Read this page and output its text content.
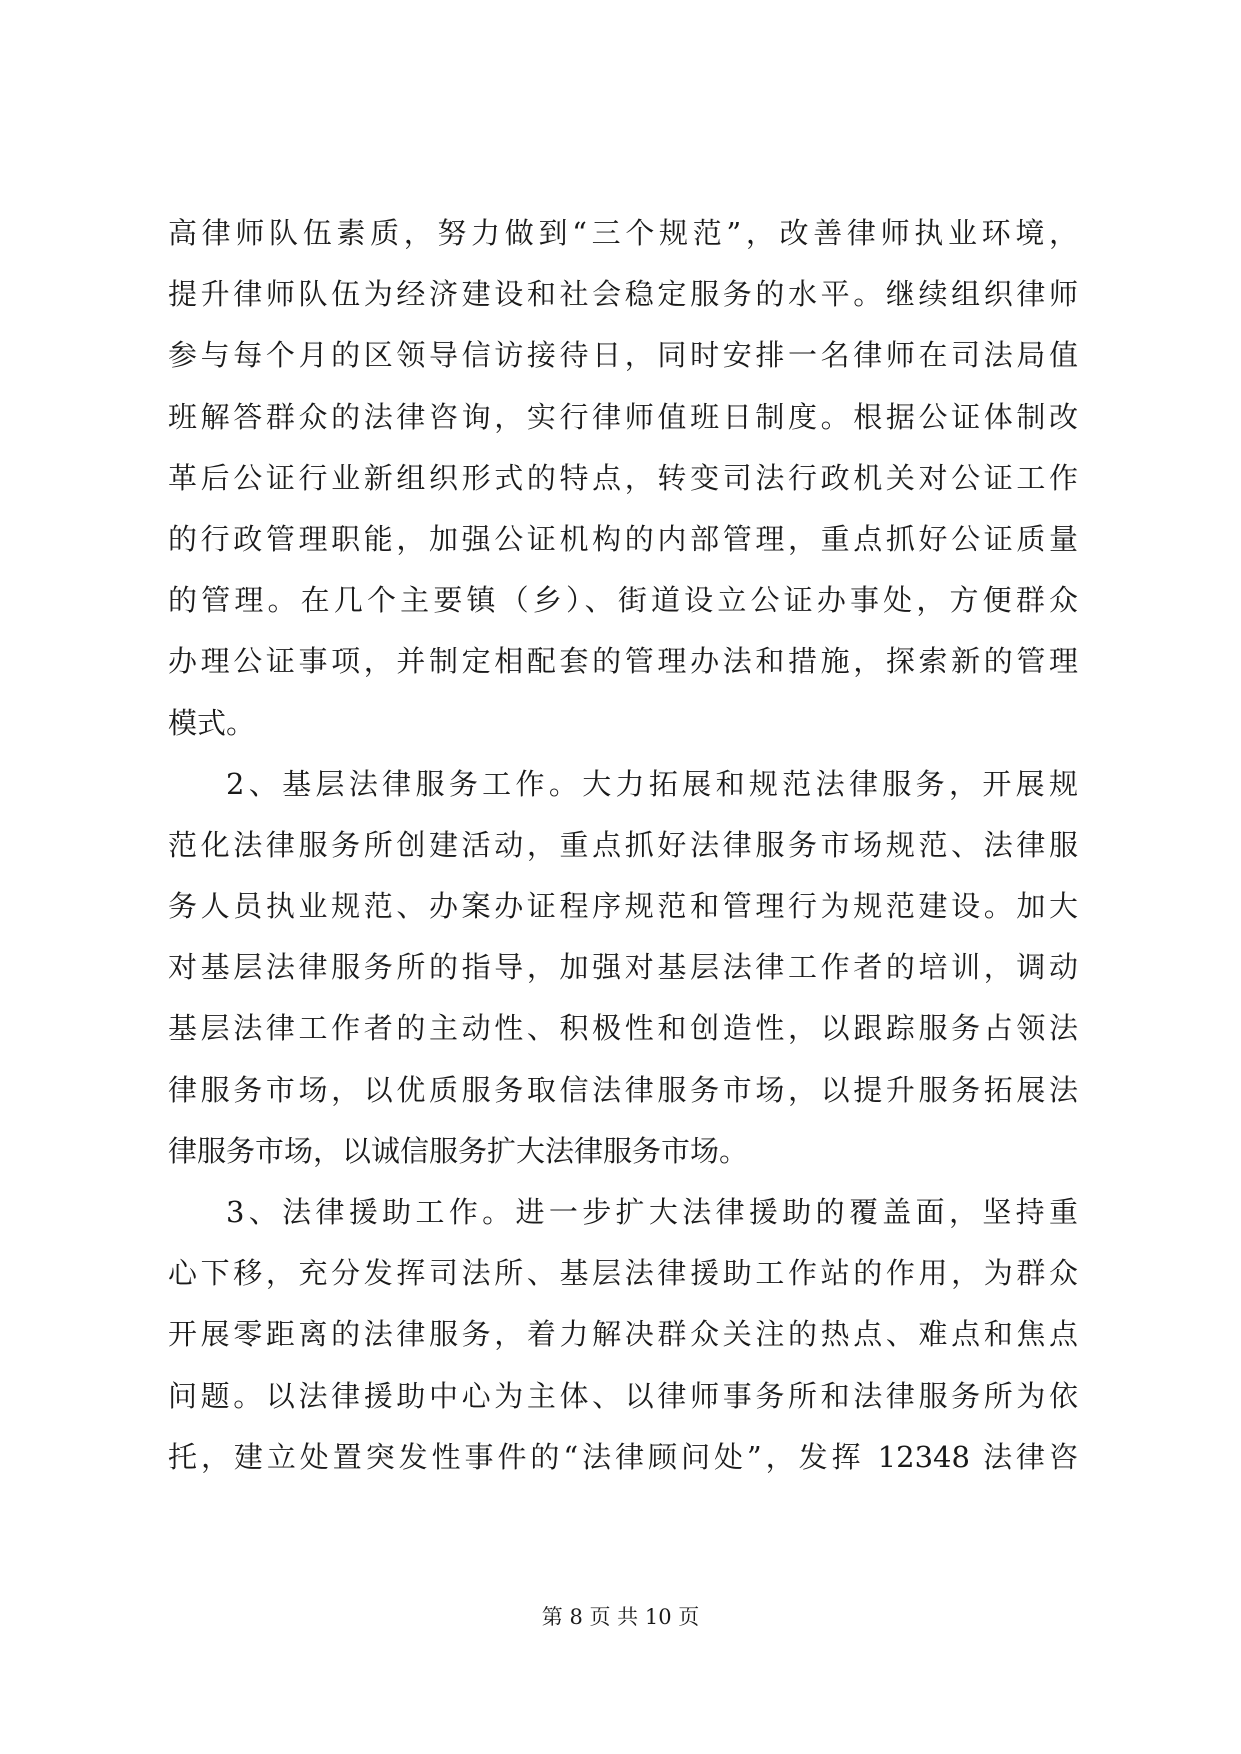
高律师队伍素质，努力做到“三个规范”，改善律师执业环境，
提升律师队伍为经济建设和社会稳定服务的水平。继续组织律师
参与每个月的区领导信访接待日，同时安排一名律师在司法局值
班解答群众的法律咨询，实行律师值班日制度。根据公证体制改
革后公证行业新组织形式的特点，转变司法行政机关对公证工作
的行政管理职能，加强公证机构的内部管理，重点抓好公证质量
的管理。在几个主要镇（乡）、街道设立公证办事处，方便群众
办理公证事项，并制定相配套的管理办法和措施，探索新的管理
模式。
2、基层法律服务工作。大力拓展和规范法律服务，开展规
范化法律服务所创建活动，重点抓好法律服务市场规范、法律服
务人员执业规范、办案办证程序规范和管理行为规范建设。加大
对基层法律服务所的指导，加强对基层法律工作者的培训，调动
基层法律工作者的主动性、积极性和创造性，以跟踪服务占领法
律服务市场，以优质服务取信法律服务市场，以提升服务拓展法
律服务市场，以诚信服务扩大法律服务市场。
3、法律援助工作。进一步扩大法律援助的覆盖面，坚持重
心下移，充分发挥司法所、基层法律援助工作站的作用，为群众
开展零距离的法律服务，着力解决群众关注的热点、难点和焦点
问题。以法律援助中心为主体、以律师事务所和法律服务所为依
托，建立处置突发性事件的“法律顾问处”，发挥 12348 法律咨
第 8 页 共 10 页
